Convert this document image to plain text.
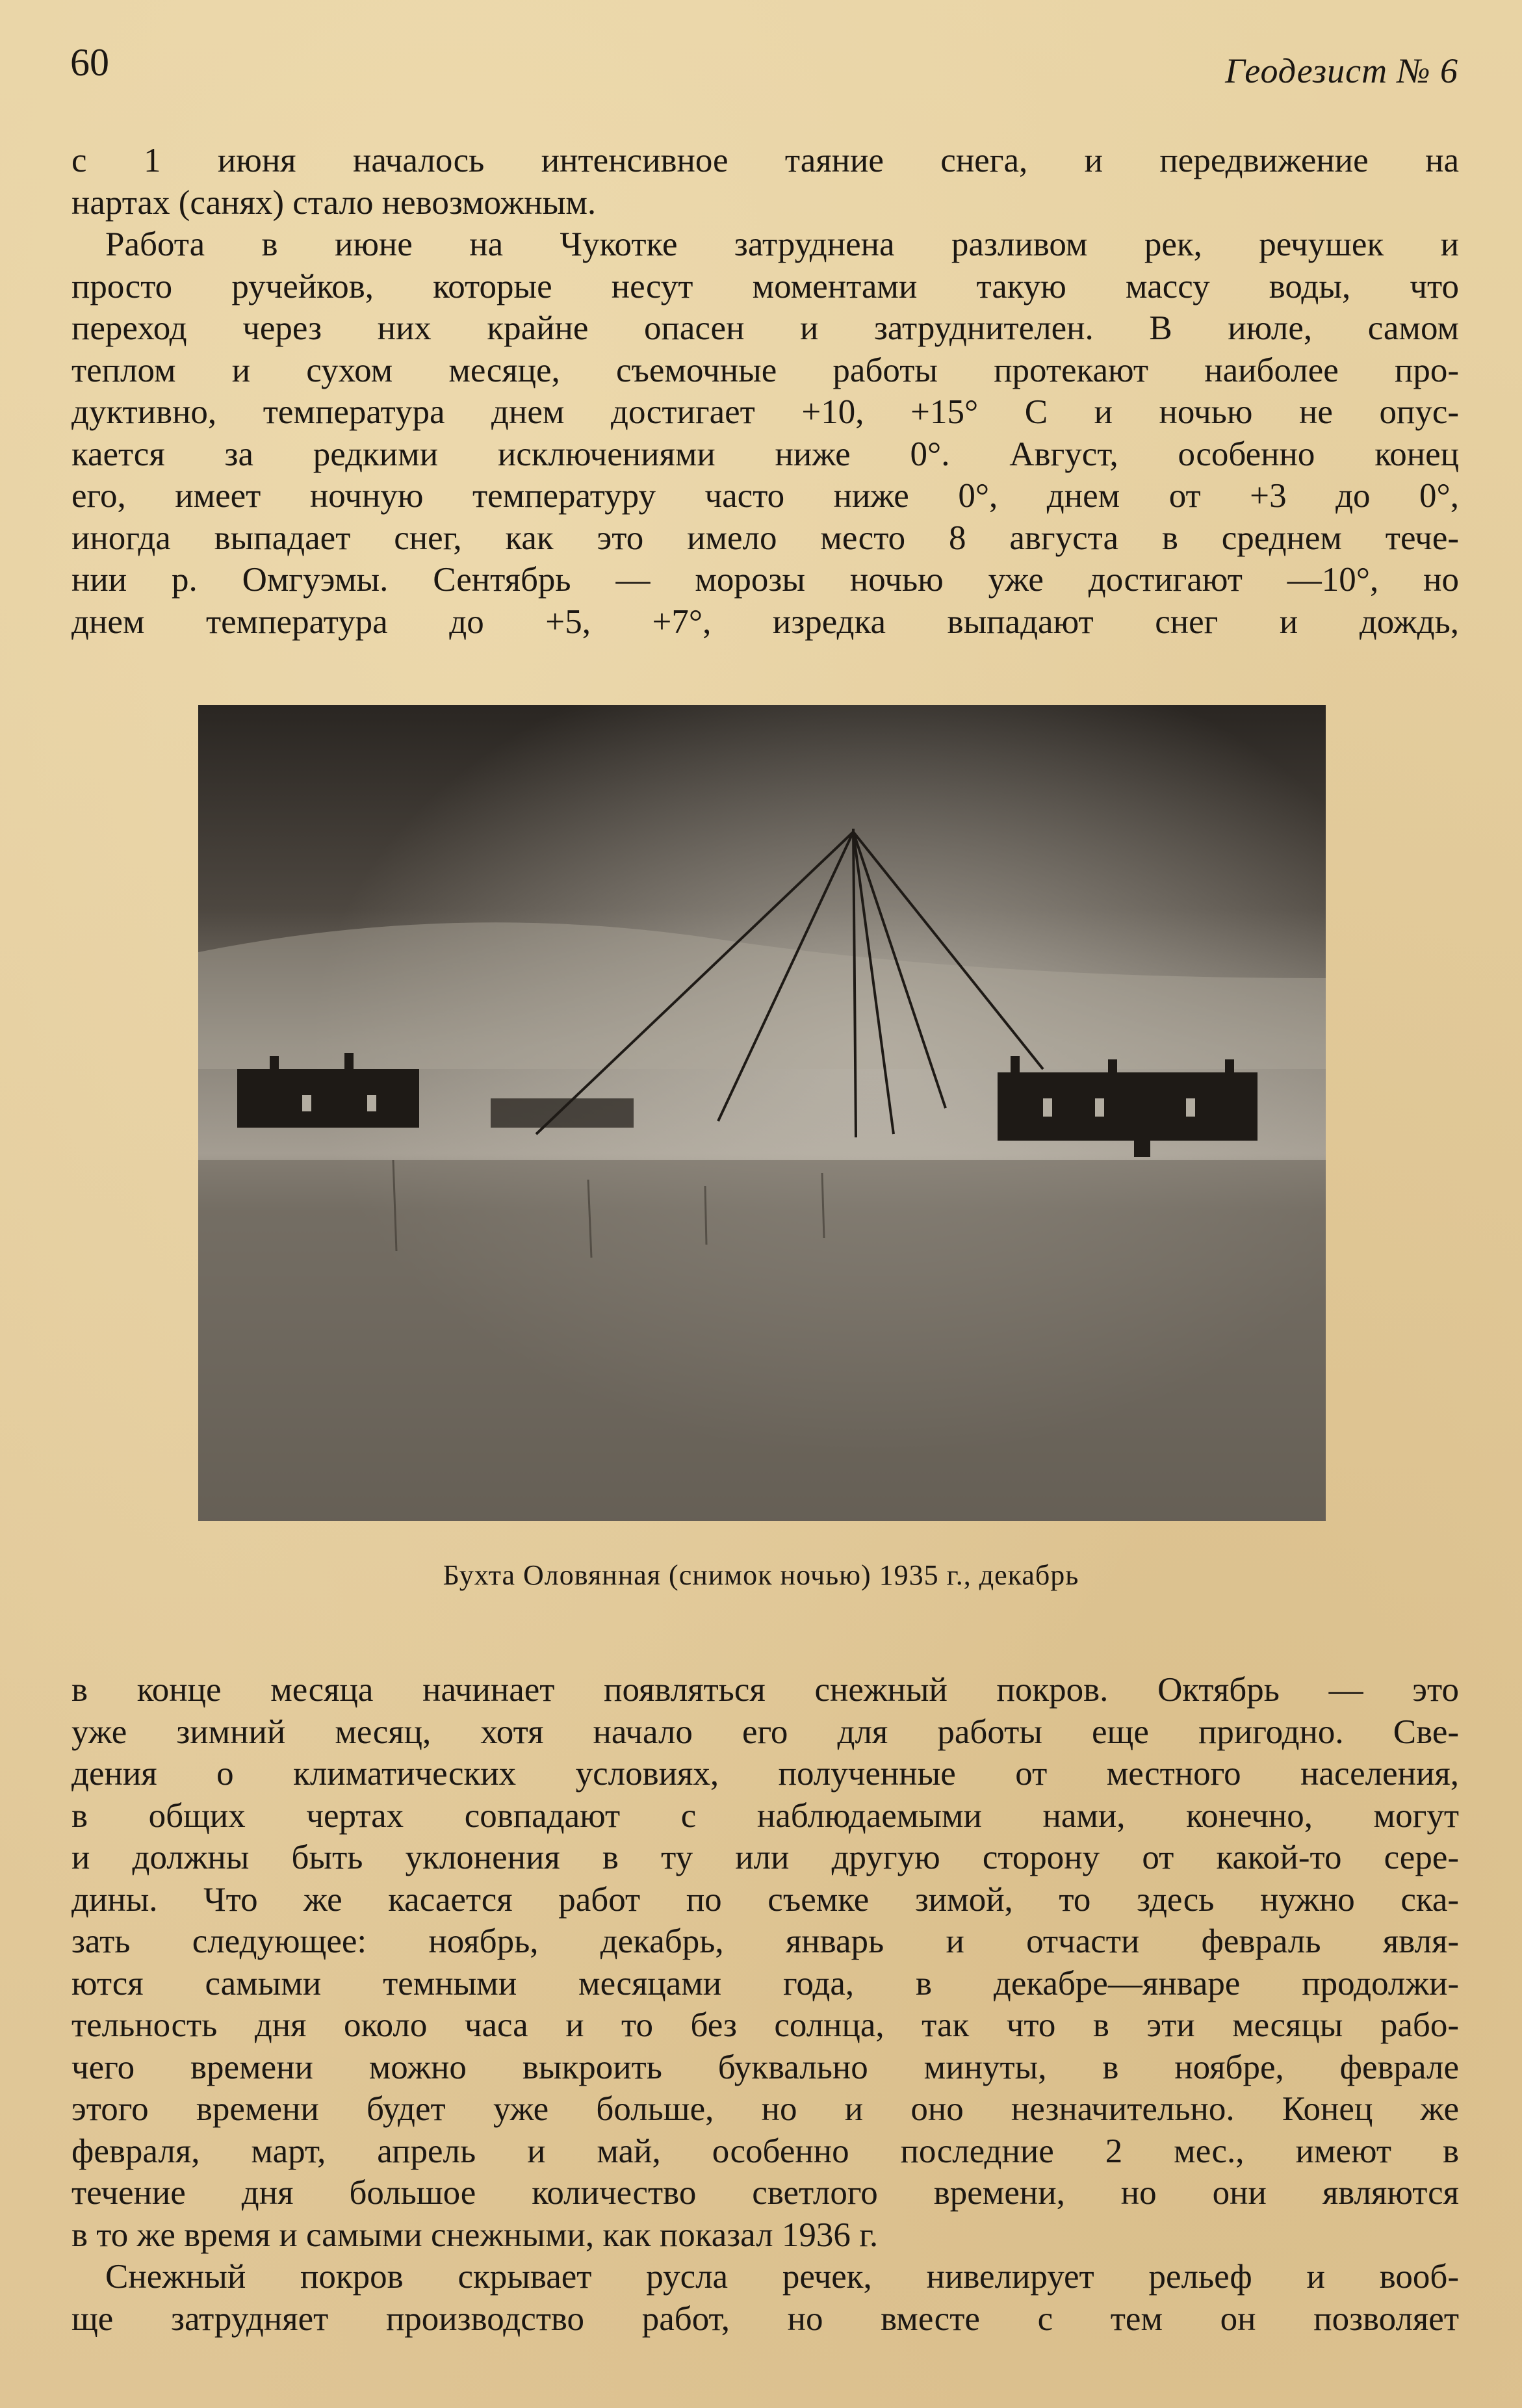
60	Геодезист № 6
с 1 июня началось интенсивное таяние снега, и передвижение на
нартах (санях) стало невозможным.
Работа в июне на Чукотке затруднена разливом рек, речушек и
просто ручейков, которые несут моментами такую массу воды, что
переход через них крайне опасен и затруднителен. В июле, самом
теплом и сухом месяце, съемочные работы протекают наиболее про-
дуктивно, температура днем достигает +10, +15° С и ночью не опус-
кается за редкими исключениями ниже 0°. Август, особенно конец
его, имеет ночную температуру часто ниже 0°, днем от +3 до 0°,
иногда выпадает снег, как это имело место 8 августа в среднем тече-
нии р. Омгуэмы. Сентябрь — морозы ночью уже достигают —10°, но
днем температура до +5, +7°, изредка выпадают снег и дождь,
Бухта Оловянная (снимок ночью) 1935 г., декабрь
в конце месяца начинает появляться снежный покров. Октябрь — это
уже зимний месяц, хотя начало его для работы еще пригодно. Све-
дения о климатических условиях, полученные от местного населения,
в общих чертах совпадают с наблюдаемыми нами, конечно, могут
и должны быть уклонения в ту или другую сторону от какой-то сере-
дины. Что же касается работ по съемке зимой, то здесь нужно ска-
зать следующее: ноябрь, декабрь, январь и отчасти февраль явля-
ются самыми темными месяцами года, в декабре—январе продолжи-
тельность дня около часа и то без солнца, так что в эти месяцы рабо-
чего времени можно выкроить буквально минуты, в ноябре, феврале
этого времени будет уже больше, но и оно незначительно. Конец же
февраля, март, апрель и май, особенно последние 2 мес., имеют в
течение дня большое количество светлого времени, но они являются
в то же время и самыми снежными, как показал 1936 г.
Снежный покров скрывает русла речек, нивелирует рельеф и вооб-
ще затрудняет производство работ, но вместе с тем он позволяет
